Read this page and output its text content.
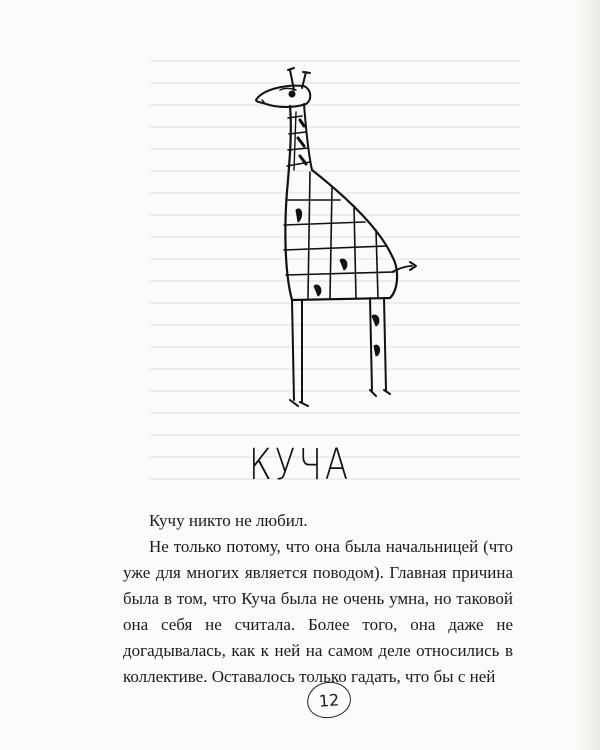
КУЧА

Кучу никто не любил.

Не только потому, что она была начальницей (что уже для многих является поводом). Главная причина была в том, что Куча была не очень умна, но таковой она себя не считала. Более того, она даже не догадывалась, как к ней на самом деле относились в коллективе. Оставалось только гадать, что бы с ней

12
